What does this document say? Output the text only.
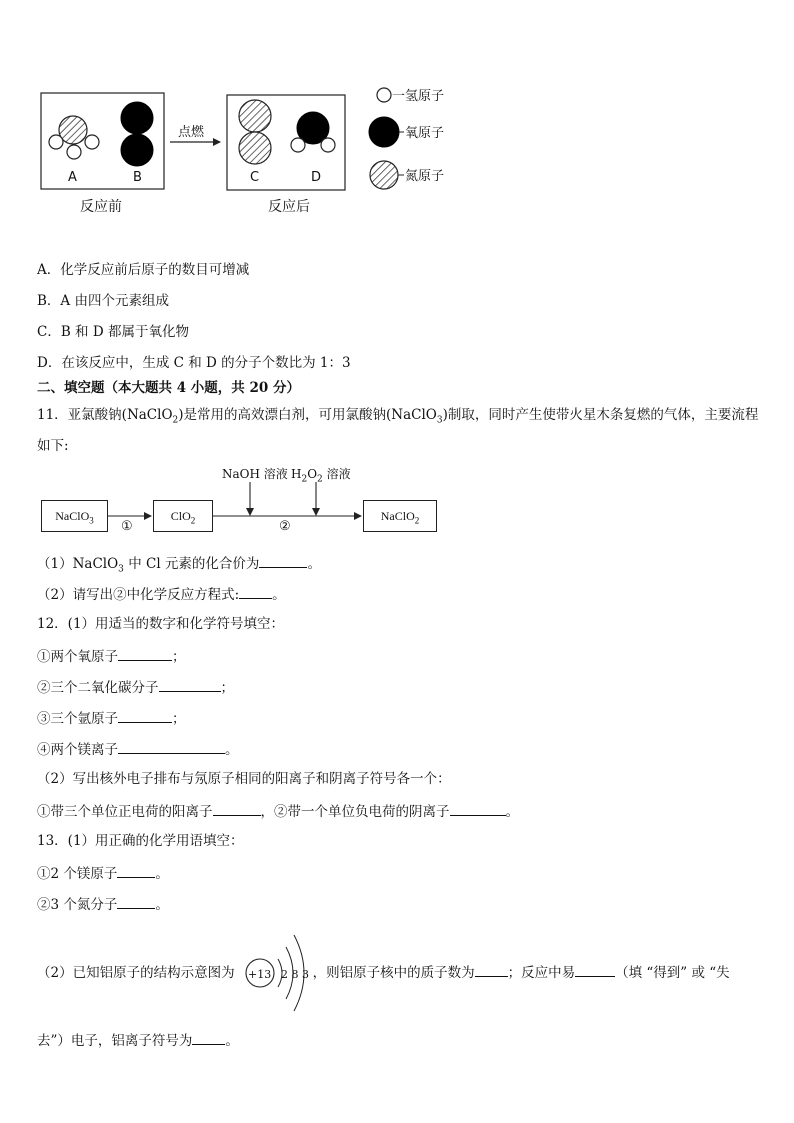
A	B
点燃
C	D
一氢原子
氧原子
氮原子
反应前	反应后
A．化学反应前后原子的数目可增减
B．A 由四个元素组成
C．B 和 D 都属于氧化物
D．在该反应中，生成 C 和 D 的分子个数比为 1：3
二、填空题（本大题共 4 小题，共 20 分）
11．亚氯酸钠(NaClO$_2$)是常用的高效漂白剂，可用氯酸钠(NaClO$_3$)制取，同时产生使带火星木条复燃的气体，主要流程
如下:
NaClO$_3$	ClO$_2$	NaClO$_2$
①	②
NaOH 溶液 $H_2O_2$ 溶液
（1）NaClO$_3$ 中 Cl 元素的化合价为	。
（2）请写出②中化学反应方程式: 。
12．(1）用适当的数字和化学符号填空：
①两个氧原子	；
②三个二氧化碳分子	；
③三个氩原子	；
④两个镁离子	。
（2）写出核外电子排布与氖原子相同的阳离子和阴离子符号各一个：
①带三个单位正电荷的阳离子	，②带一个单位负电荷的阴离子	。
13．(1）用正确的化学用语填空：
①2 个镁原子	。
②3 个氮分子	。
（2）已知铝原子的结构示意图为	，则铝原子核中的质子数为 ；反应中易	（填 “得到” 或 “失
+13 2 8 3
去”）电子，铝离子符号为 。
